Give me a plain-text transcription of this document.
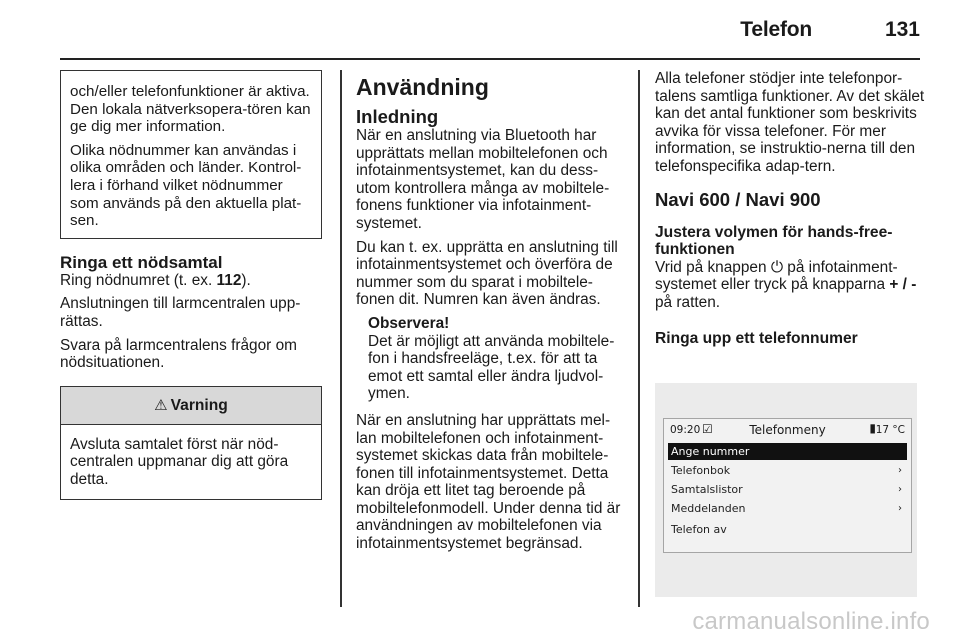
Telefon	131

och/eller telefonfunktioner är aktiva. Den lokala nätverksopera-tören kan ge dig mer information.

Olika nödnummer kan användas i olika områden och länder. Kontrol-lera i förhand vilket nödnummer som används på den aktuella plat-sen.

Ringa ett nödsamtal

Ring nödnumret (t. ex. 112).

Anslutningen till larmcentralen upp-rättas.

Svara på larmcentralens frågor om nödsituationen.

⚠ Varning

Avsluta samtalet först när nöd-centralen uppmanar dig att göra detta.

Användning
Inledning

När en anslutning via Bluetooth har upprättats mellan mobiltelefonen och infotainmentsystemet, kan du dess-utom kontrollera många av mobiltele-fonens funktioner via infotainment-systemet.

Du kan t. ex. upprätta en anslutning till infotainmentsystemet och överföra de nummer som du sparat i mobiltele-fonen dit. Numren kan även ändras.

Observera!

Det är möjligt att använda mobiltele-fon i handsfreeläge, t.ex. för att ta emot ett samtal eller ändra ljudvol-ymen.

När en anslutning har upprättats mel-lan mobiltelefonen och infotainment-systemet skickas data från mobiltele-fonen till infotainmentsystemet. Detta kan dröja ett litet tag beroende på mobiltelefonmodell. Under denna tid är användningen av mobiltelefonen via infotainmentsystemet begränsad.

Alla telefoner stödjer inte telefonpor-talens samtliga funktioner. Av det skälet kan det antal funktioner som beskrivits avvika för vissa telefoner. För mer information, se instruktio-nerna till den telefonspecifika adap-tern.

Navi 600 / Navi 900
Justera volymen för hands-free-funktionen

Vrid på knappen ⏻ på infotainment-systemet eller tryck på knapparna + / - på ratten.

Ringa upp ett telefonnumer
09:20 ☑	Telefonmeny	▮ 17 °C
Ange nummer
Telefonbok	›
Samtalslistor	›
Meddelanden	›
Telefon av
carmanualsonline.info
